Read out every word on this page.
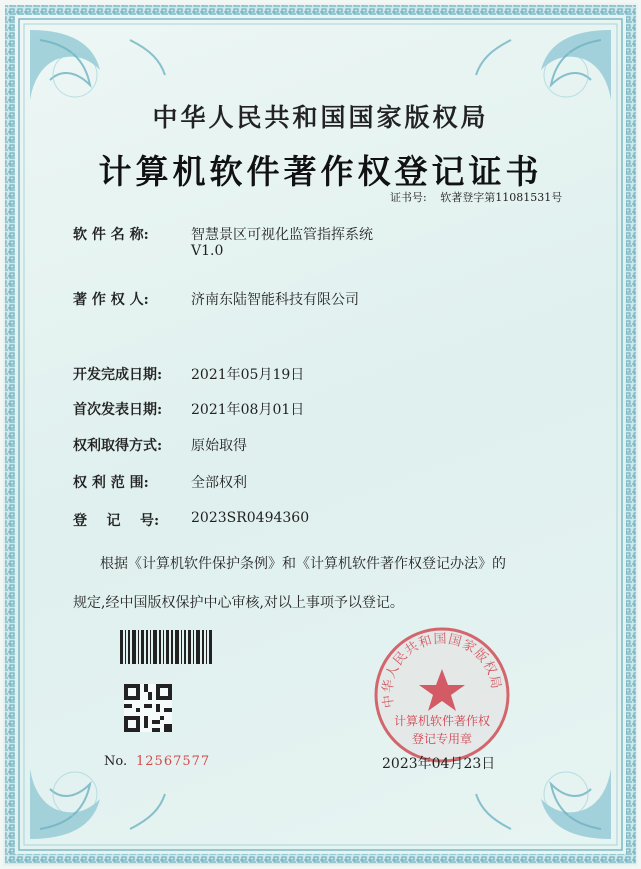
中华人民共和国国家版权局
计算机软件著作权登记证书
证书号: 软著登字第11081531号
软 件 名 称:	智慧景区可视化监管指挥系统
V1.0
著 作 权 人:	济南东陆智能科技有限公司
开发完成日期: 2021年05月19日
首次发表日期: 2021年08月01日
权利取得方式: 原始取得
权 利 范 围:	全部权利
登    记    号: 2023SR0494360
根据《计算机软件保护条例》和《计算机软件著作权登记办法》的
规定,经中国版权保护中心审核,对以上事项予以登记。
No. 12567577
中华人民共和国国家版权局
计算机软件著作权
登记专用章
2023年04月23日
